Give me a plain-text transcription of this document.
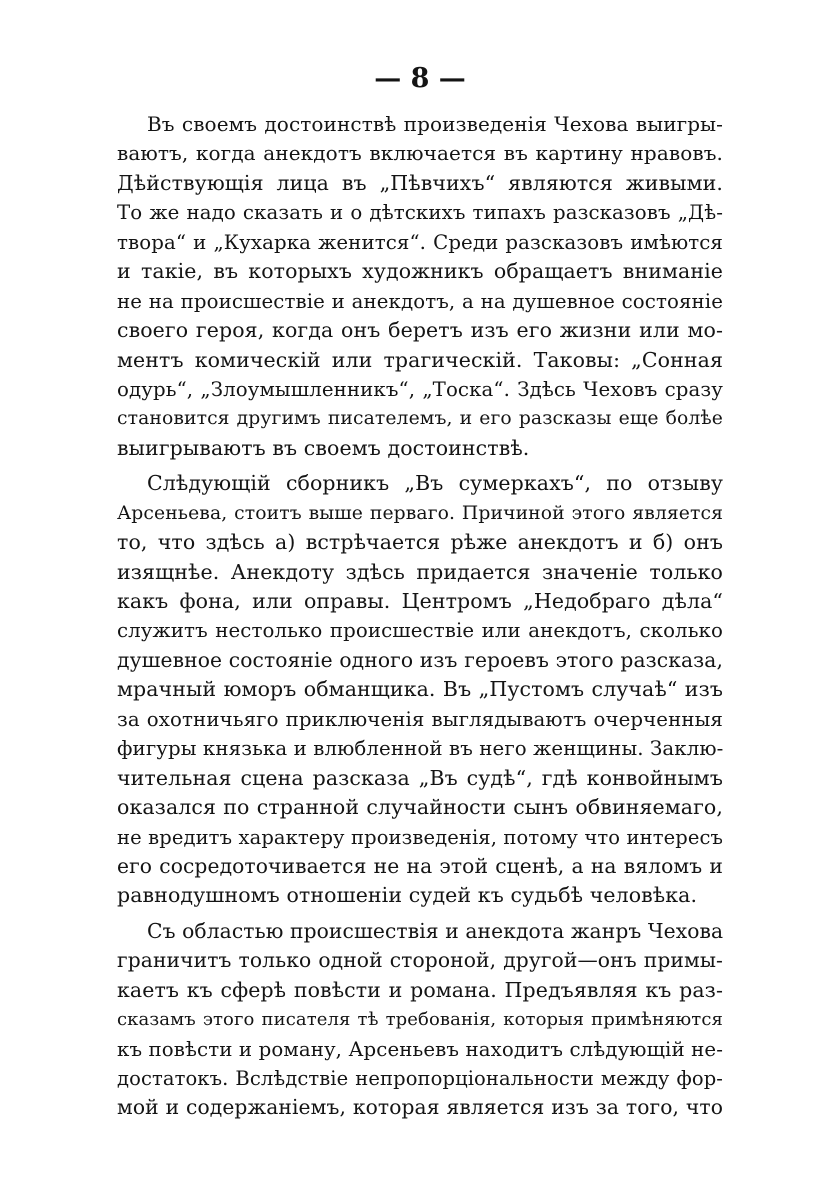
— 8 —
Въ своемъ достоинствѣ произведенія Чехова выигры-
ваютъ, когда анекдотъ включается въ картину нравовъ.
Дѣйствующія лица въ „Пѣвчихъ“ являются живыми.
То же надо сказать и о дѣтскихъ типахъ разсказовъ „Дѣ-
твора“ и „Кухарка женится“. Среди разсказовъ имѣются
и такіе, въ которыхъ художникъ обращаетъ вниманіе
не на происшествіе и анекдотъ, а на душевное состояніе
своего героя, когда онъ беретъ изъ его жизни или мо-
ментъ комическій или трагическій. Таковы: „Сонная
одурь“, „Злоумышленникъ“, „Тоска“. Здѣсь Чеховъ сразу
становится другимъ писателемъ, и его разсказы еще болѣе
выигрываютъ въ своемъ достоинствѣ.
Слѣдующій сборникъ „Въ сумеркахъ“, по отзыву
Арсеньева, стоитъ выше перваго. Причиной этого является
то, что здѣсь а) встрѣчается рѣже анекдотъ и б) онъ
изящнѣе. Анекдоту здѣсь придается значеніе только
какъ фона, или оправы. Центромъ „Недобраго дѣла“
служитъ нестолько происшествіе или анекдотъ, сколько
душевное состояніе одного изъ героевъ этого разсказа,
мрачный юморъ обманщика. Въ „Пустомъ случаѣ“ изъ
за охотничьяго приключенія выглядываютъ очерченныя
фигуры князька и влюбленной въ него женщины. Заклю-
чительная сцена разсказа „Въ судѣ“, гдѣ конвойнымъ
оказался по странной случайности сынъ обвиняемаго,
не вредитъ характеру произведенія, потому что интересъ
его сосредоточивается не на этой сценѣ, а на вяломъ и
равнодушномъ отношеніи судей къ судьбѣ человѣка.
Съ областью происшествія и анекдота жанръ Чехова
граничитъ только одной стороной, другой—онъ примы-
каетъ къ сферѣ повѣсти и романа. Предъявляя къ раз-
сказамъ этого писателя тѣ требованія, которыя примѣняются
къ повѣсти и роману, Арсеньевъ находитъ слѣдующій не-
достатокъ. Вслѣдствіе непропорціональности между фор-
мой и содержаніемъ, которая является изъ за того, что
